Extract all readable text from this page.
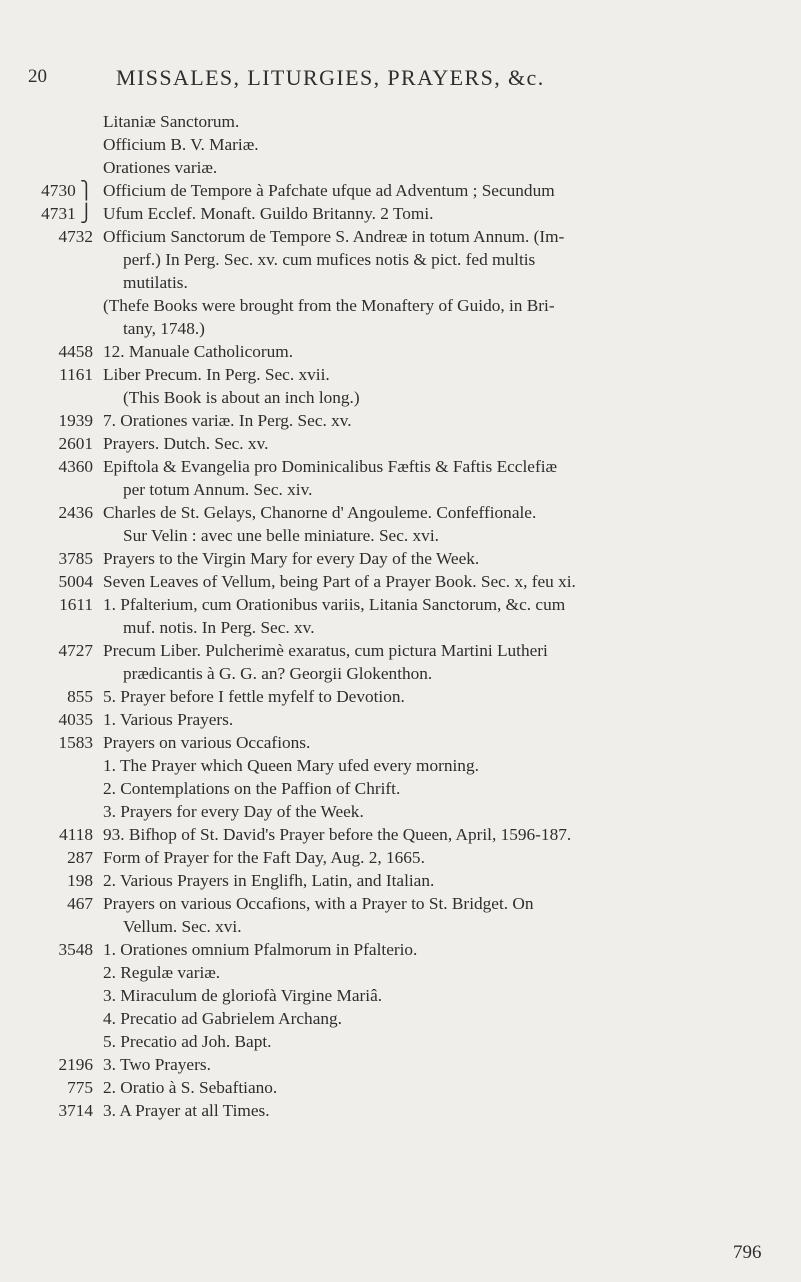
20	MISSALES, LITURGIES, PRAYERS, &c.
Litaniæ Sanctorum.
Officium B. V. Mariæ.
Orationes variæ.
4730 ⎫ Officium de Tempore à Pafchate ufque ad Adventum ; Secundum
4731 ⎭ Ufum Ecclef. Monaft. Guildo Britanny. 2 Tomi.
4732 Officium Sanctorum de Tempore S. Andreæ in totum Annum. (Im-
perf.) In Perg. Sec. xv. cum mufices notis & pict. fed multis
mutilatis.
(Thefe Books were brought from the Monaftery of Guido, in Bri-
tany, 1748.)
4458 12. Manuale Catholicorum.
1161 Liber Precum. In Perg. Sec. xvii.
(This Book is about an inch long.)
1939 7. Orationes variæ. In Perg. Sec. xv.
2601 Prayers. Dutch. Sec. xv.
4360 Epiftola & Evangelia pro Dominicalibus Fæftis & Faftis Ecclefiæ
per totum Annum. Sec. xiv.
2436 Charles de St. Gelays, Chanorne d' Angouleme. Confeffionale.
Sur Velin : avec une belle miniature. Sec. xvi.
3785 Prayers to the Virgin Mary for every Day of the Week.
5004 Seven Leaves of Vellum, being Part of a Prayer Book. Sec. x, feu xi.
1611 1. Pfalterium, cum Orationibus variis, Litania Sanctorum, &c. cum
muf. notis. In Perg. Sec. xv.
4727 Precum Liber. Pulcherimè exaratus, cum pictura Martini Lutheri
prædicantis à G. G. an? Georgii Glokenthon.
855 5. Prayer before I fettle myfelf to Devotion.
4035 1. Various Prayers.
1583 Prayers on various Occafions.
1. The Prayer which Queen Mary ufed every morning.
2. Contemplations on the Paffion of Chrift.
3. Prayers for every Day of the Week.
4118 93. Bifhop of St. David's Prayer before the Queen, April, 1596-187.
287 Form of Prayer for the Faft Day, Aug. 2, 1665.
198 2. Various Prayers in Englifh, Latin, and Italian.
467 Prayers on various Occafions, with a Prayer to St. Bridget. On
Vellum. Sec. xvi.
3548 1. Orationes omnium Pfalmorum in Pfalterio.
2. Regulæ variæ.
3. Miraculum de gloriofà Virgine Mariâ.
4. Precatio ad Gabrielem Archang.
5. Precatio ad Joh. Bapt.
2196 3. Two Prayers.
775 2. Oratio à S. Sebaftiano.
3714 3. A Prayer at all Times.
796
